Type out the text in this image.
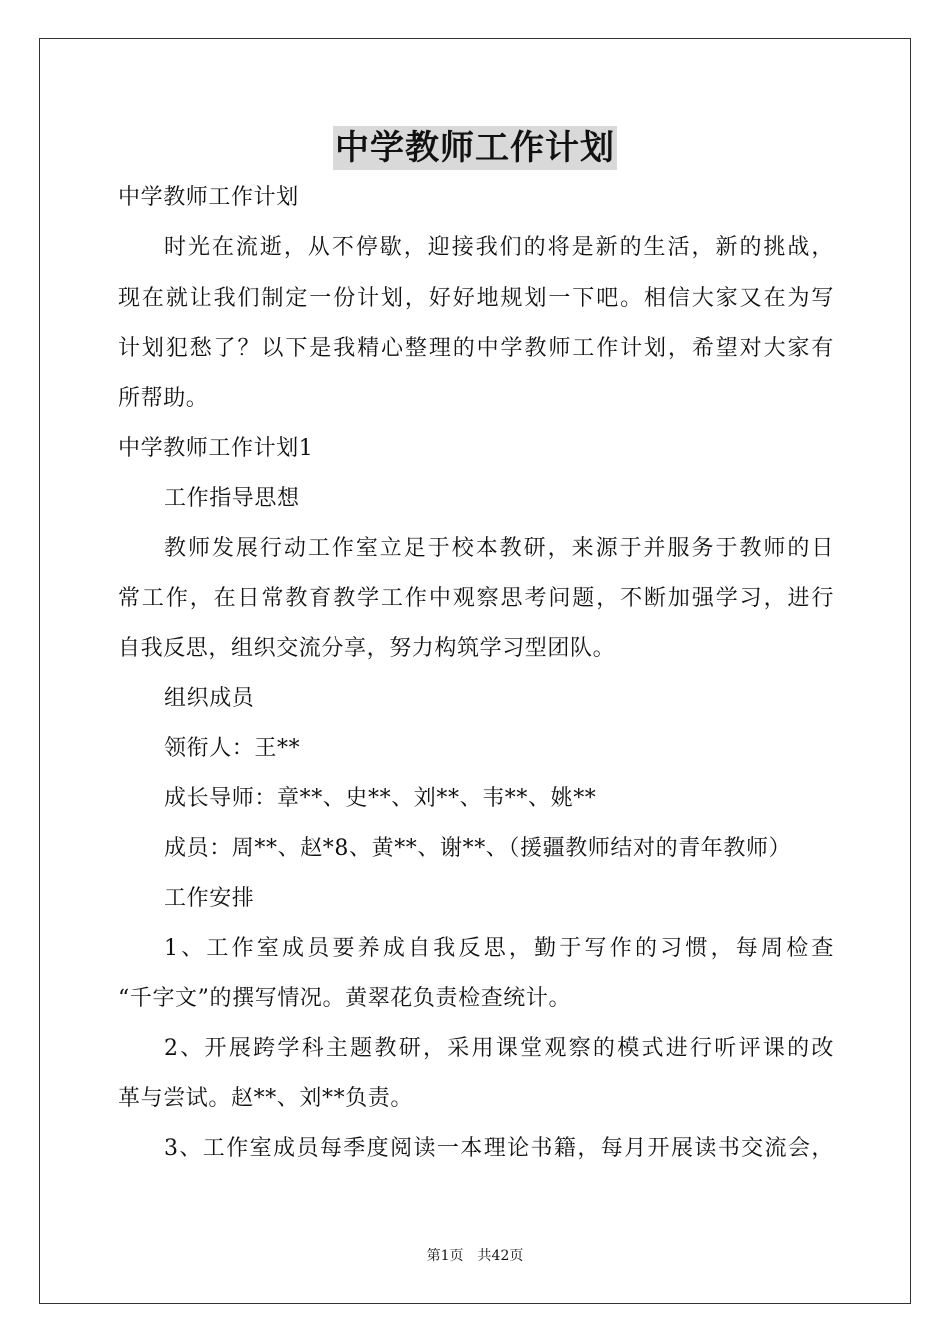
中学教师工作计划
中学教师工作计划
时光在流逝，从不停歇，迎接我们的将是新的生活，新的挑战，
现在就让我们制定一份计划，好好地规划一下吧。相信大家又在为写
计划犯愁了？以下是我精心整理的中学教师工作计划，希望对大家有
所帮助。
中学教师工作计划1
工作指导思想
教师发展行动工作室立足于校本教研，来源于并服务于教师的日
常工作，在日常教育教学工作中观察思考问题，不断加强学习，进行
自我反思，组织交流分享，努力构筑学习型团队。
组织成员
领衔人：王**
成长导师：章**、史**、刘**、韦**、姚**
成员：周**、赵*8、黄**、谢**、（援疆教师结对的青年教师）
工作安排
1、工作室成员要养成自我反思，勤于写作的习惯，每周检查
“千字文”的撰写情况。黄翠花负责检查统计。
2、开展跨学科主题教研，采用课堂观察的模式进行听评课的改
革与尝试。赵**、刘**负责。
3、工作室成员每季度阅读一本理论书籍，每月开展读书交流会，
第1页　共42页
